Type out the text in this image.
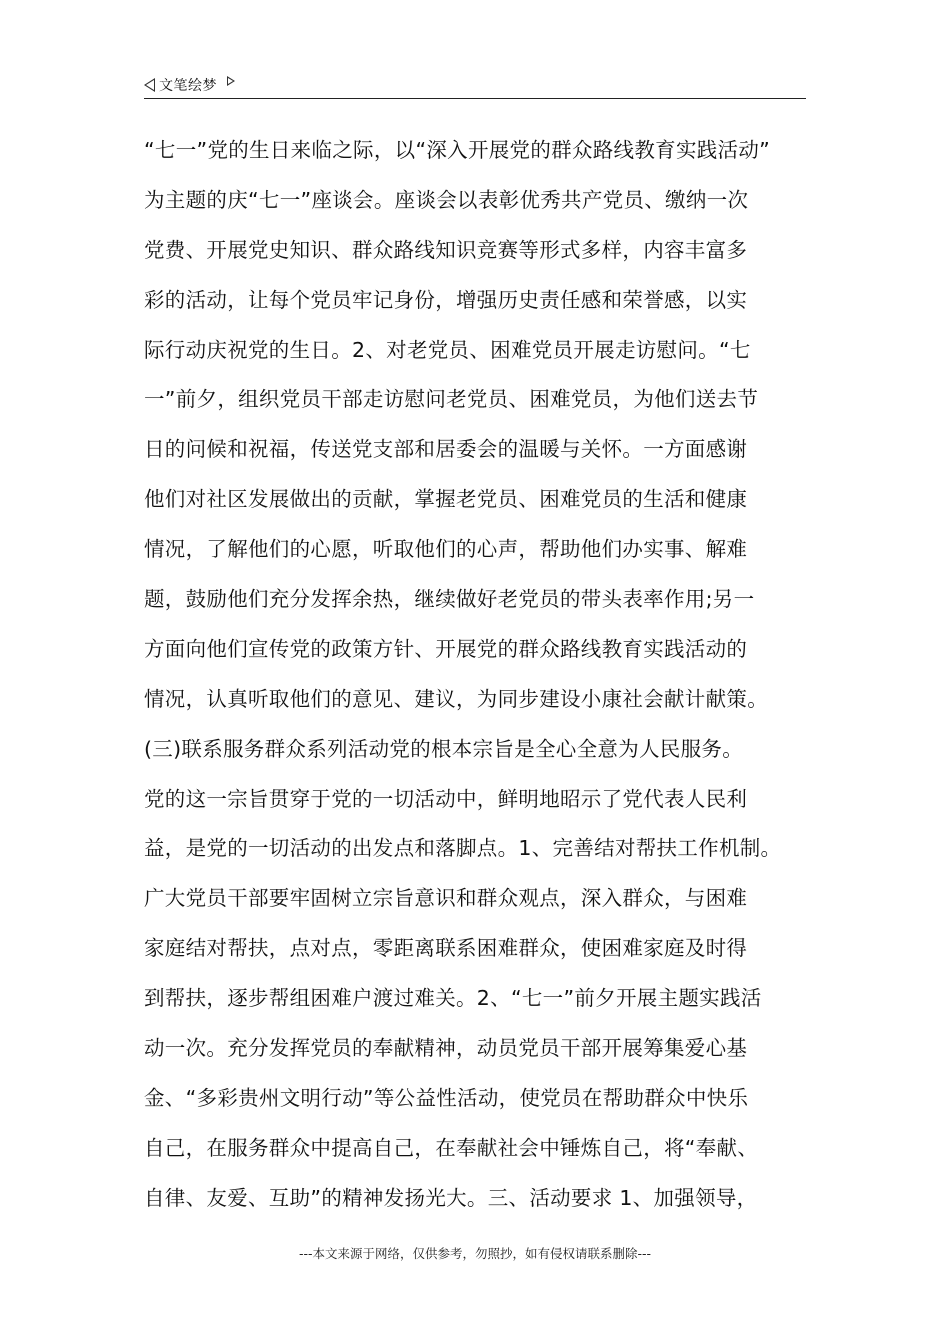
文笔绘梦
“七一”党的生日来临之际，以“深入开展党的群众路线教育实践活动”
为主题的庆“七一”座谈会。座谈会以表彰优秀共产党员、缴纳一次
党费、开展党史知识、群众路线知识竞赛等形式多样，内容丰富多
彩的活动，让每个党员牢记身份，增强历史责任感和荣誉感，以实
际行动庆祝党的生日。2、对老党员、困难党员开展走访慰问。“七
一”前夕，组织党员干部走访慰问老党员、困难党员，为他们送去节
日的问候和祝福，传送党支部和居委会的温暖与关怀。一方面感谢
他们对社区发展做出的贡献，掌握老党员、困难党员的生活和健康
情况，了解他们的心愿，听取他们的心声，帮助他们办实事、解难
题，鼓励他们充分发挥余热，继续做好老党员的带头表率作用;另一
方面向他们宣传党的政策方针、开展党的群众路线教育实践活动的
情况，认真听取他们的意见、建议，为同步建设小康社会献计献策。
(三)联系服务群众系列活动党的根本宗旨是全心全意为人民服务。
党的这一宗旨贯穿于党的一切活动中，鲜明地昭示了党代表人民利
益，是党的一切活动的出发点和落脚点。1、完善结对帮扶工作机制。
广大党员干部要牢固树立宗旨意识和群众观点，深入群众，与困难
家庭结对帮扶，点对点，零距离联系困难群众，使困难家庭及时得
到帮扶，逐步帮组困难户渡过难关。2、“七一”前夕开展主题实践活
动一次。充分发挥党员的奉献精神，动员党员干部开展筹集爱心基
金、“多彩贵州文明行动”等公益性活动，使党员在帮助群众中快乐
自己，在服务群众中提高自己，在奉献社会中锤炼自己，将“奉献、
自律、友爱、互助”的精神发扬光大。三、活动要求 1、加强领导，
---本文来源于网络，仅供参考，勿照抄，如有侵权请联系删除---
